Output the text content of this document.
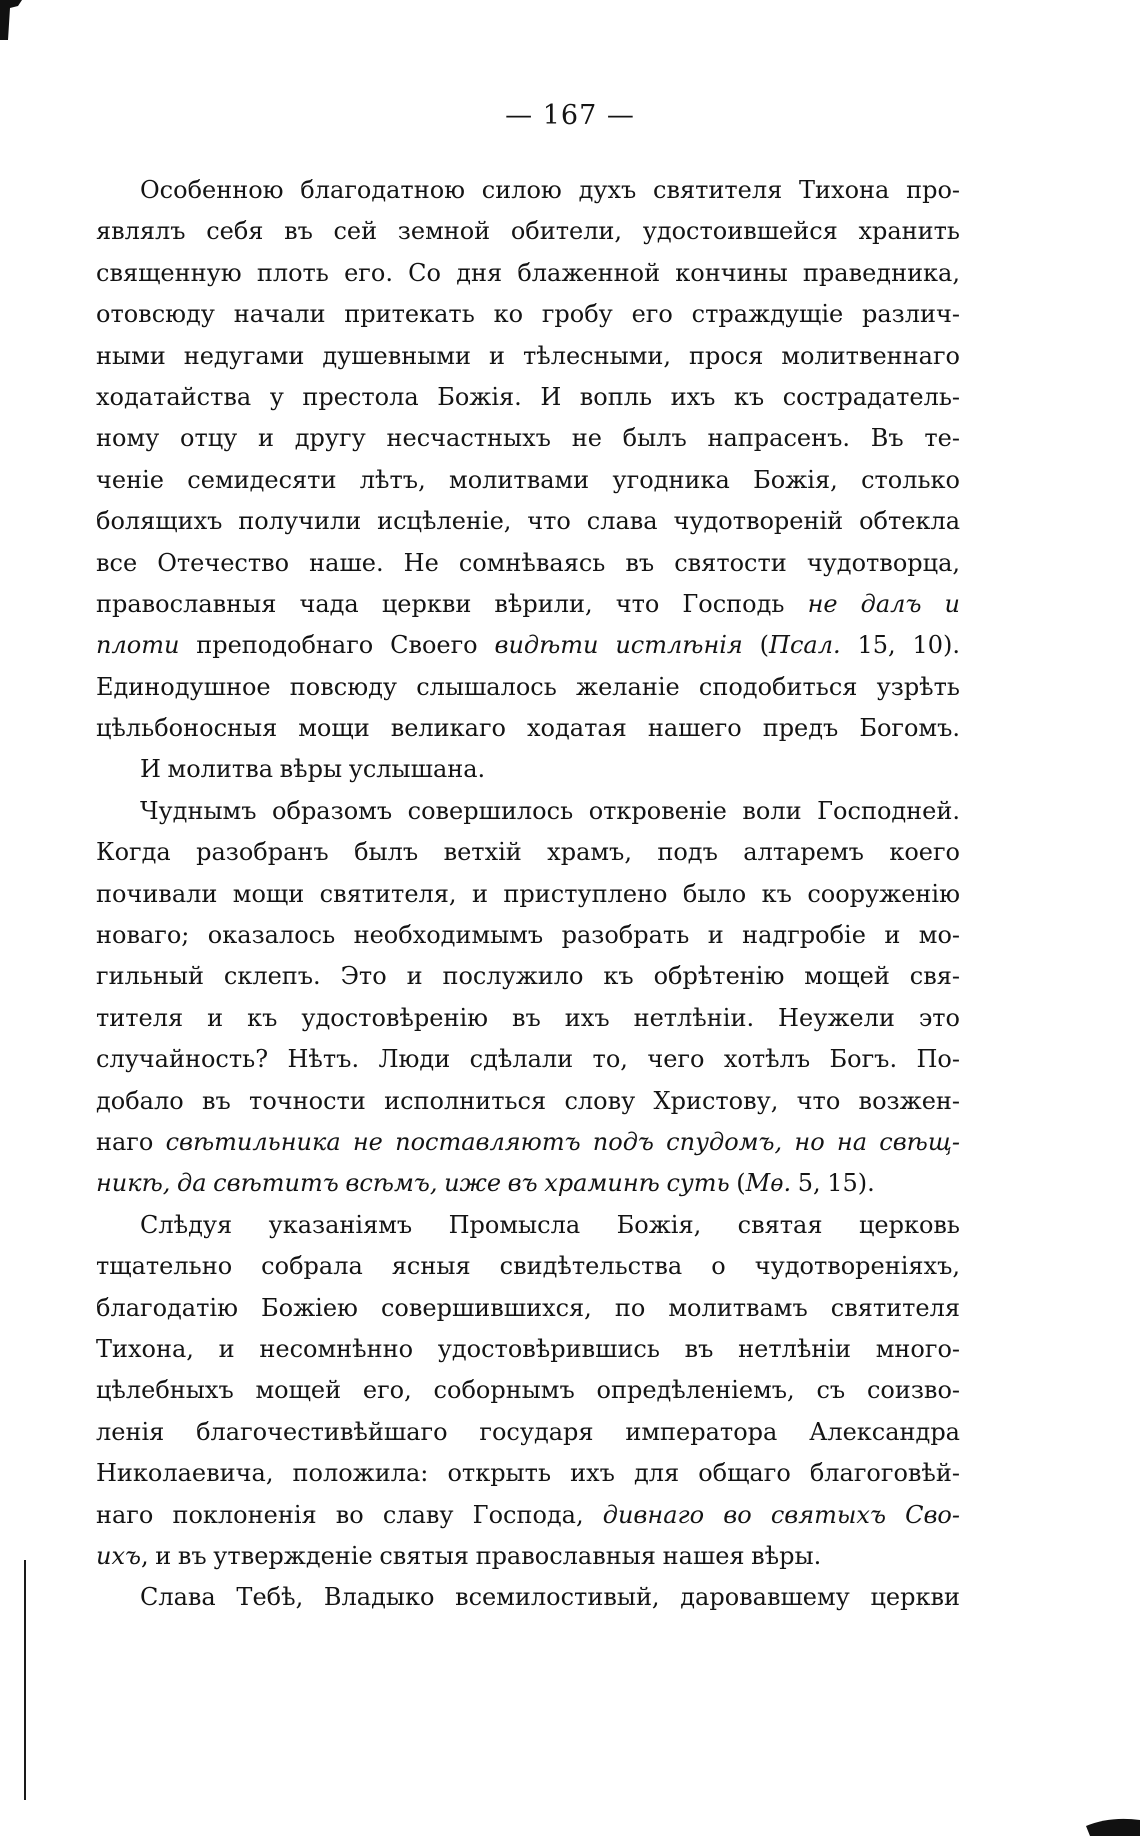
— 167 —
Особенною благодатною силою духъ святителя Тихона про-
являлъ себя въ сей земной обители, удостоившейся хранить
священную плоть его. Со дня блаженной кончины праведника,
отовсюду начали притекать ко гробу его страждущіе различ-
ными недугами душевными и тѣлесными, прося молитвеннаго
ходатайства у престола Божія. И вопль ихъ къ сострадатель-
ному отцу и другу несчастныхъ не былъ напрасенъ. Въ те-
ченіе семидесяти лѣтъ, молитвами угодника Божія, столько
болящихъ получили исцѣленіе, что слава чудотвореній обтекла
все Отечество наше. Не сомнѣваясь въ святости чудотворца,
православныя чада церкви вѣрили, что Господь не далъ и
плоти преподобнаго Своего видѣти истлѣнія (Псал. 15, 10).
Единодушное повсюду слышалось желаніе сподобиться узрѣть
цѣльбоносныя мощи великаго ходатая нашего предъ Богомъ.
И молитва вѣры услышана.
Чуднымъ образомъ совершилось откровеніе воли Господней.
Когда разобранъ былъ ветхій храмъ, подъ алтаремъ коего
почивали мощи святителя, и приступлено было къ сооруженію
новаго; оказалось необходимымъ разобрать и надгробіе и мо-
гильный склепъ. Это и послужило къ обрѣтенію мощей свя-
тителя и къ удостовѣренію въ ихъ нетлѣніи. Неужели это
случайность? Нѣтъ. Люди сдѣлали то, чего хотѣлъ Богъ. По-
добало въ точности исполниться слову Христову, что возжен-
наго свѣтильника не поставляютъ подъ спудомъ, но на свѣщ-
никѣ, да свѣтитъ всѣмъ, иже въ храминѣ суть (Мѳ. 5, 15).
Слѣдуя указаніямъ Промысла Божія, святая церковь
тщательно собрала ясныя свидѣтельства о чудотвореніяхъ,
благодатію Божіею совершившихся, по молитвамъ святителя
Тихона, и несомнѣнно удостовѣрившись въ нетлѣніи много-
цѣлебныхъ мощей его, соборнымъ опредѣленіемъ, съ соизво-
ленія благочестивѣйшаго государя императора Александра
Николаевича, положила: открыть ихъ для общаго благоговѣй-
наго поклоненія во славу Господа, дивнаго во святыхъ Сво-
ихъ, и въ утвержденіе святыя православныя нашея вѣры.
Слава Тебѣ, Владыко всемилостивый, даровавшему церкви
